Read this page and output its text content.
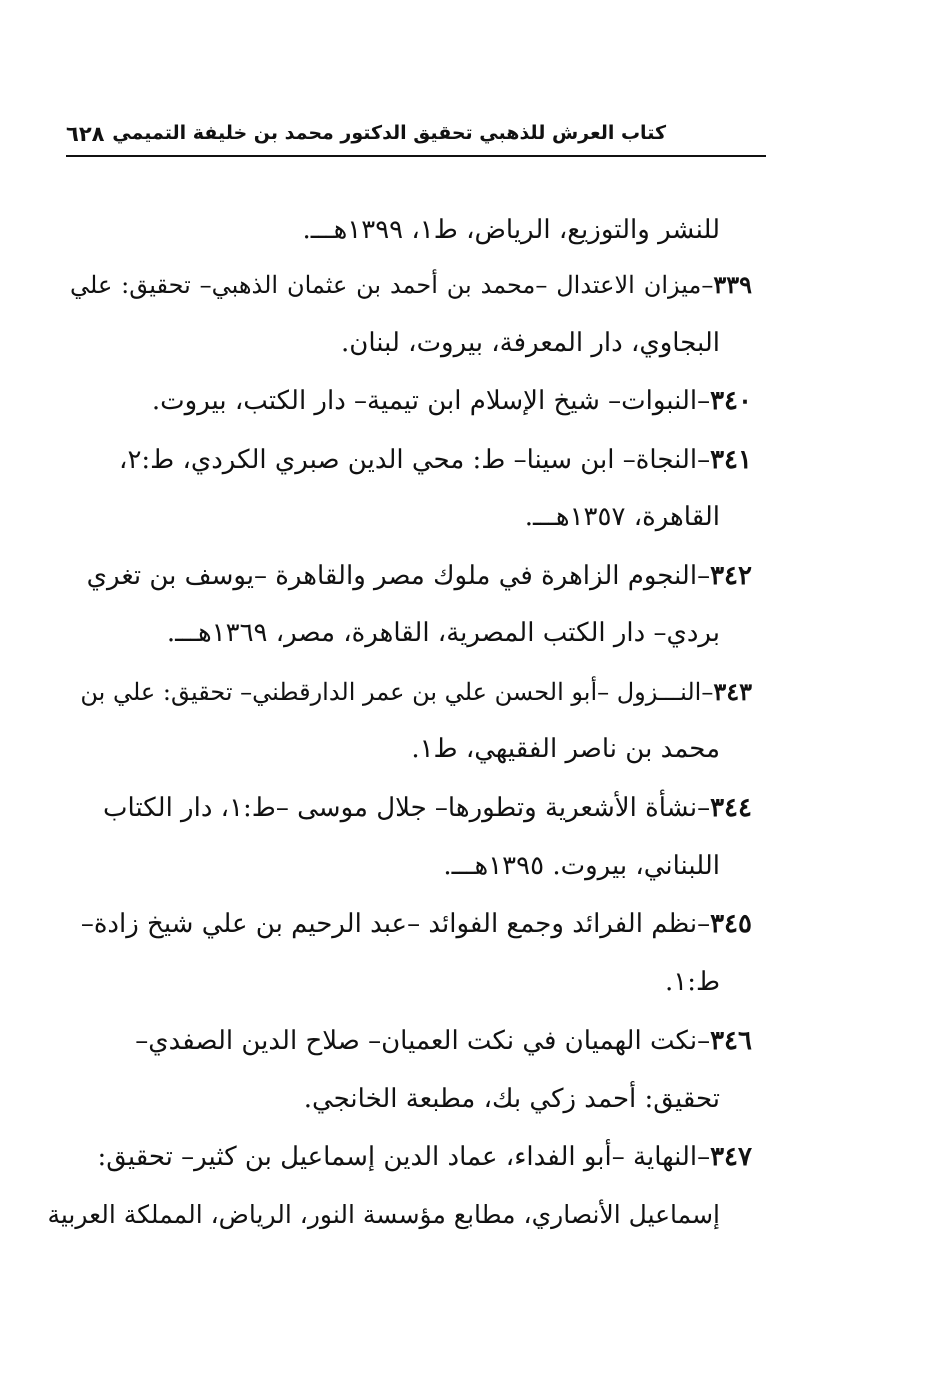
كتاب العرش للذهبي تحقيق الدكتور محمد بن خليفة التميمي
٦٢٨
للنشر والتوزيع، الرياض، ط١، ١٣٩٩هـــ.
٣٣٩–ميزان الاعتدال –محمد بن أحمد بن عثمان الذهبي– تحقيق: علي
البجاوي، دار المعرفة، بيروت، لبنان.
٣٤٠–النبوات– شيخ الإسلام ابن تيمية– دار الكتب، بيروت.
٣٤١–النجاة– ابن سينا– ط: محي الدين صبري الكردي، ط:٢،
القاهرة، ١٣٥٧هـــ.
٣٤٢–النجوم الزاهرة في ملوك مصر والقاهرة –يوسف بن تغري
بردي– دار الكتب المصرية، القاهرة، مصر، ١٣٦٩هـــ.
٣٤٣–النـــزول –أبو الحسن علي بن عمر الدارقطني– تحقيق: علي بن
محمد بن ناصر الفقيهي، ط١.
٣٤٤–نشأة الأشعرية وتطورها– جلال موسى –ط:١، دار الكتاب
اللبناني، بيروت. ١٣٩٥هـــ.
٣٤٥–نظم الفرائد وجمع الفوائد –عبد الرحيم بن علي شيخ زادة–
ط:١.
٣٤٦–نكت الهميان في نكت العميان– صلاح الدين الصفدي–
تحقيق: أحمد زكي بك، مطبعة الخانجي.
٣٤٧–النهاية –أبو الفداء، عماد الدين إسماعيل بن كثير– تحقيق:
إسماعيل الأنصاري، مطابع مؤسسة النور، الرياض، المملكة العربية
